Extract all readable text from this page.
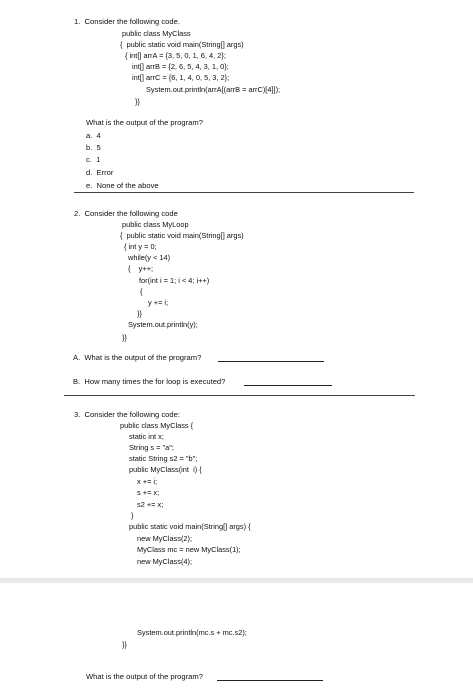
1.  Consider the following code.
public class MyClass
{  public static void main(String[] args)
{ int[] arrA = {3, 5, 0, 1, 6, 4, 2};
int[] arrB = {2, 6, 5, 4, 3, 1, 0};
int[] arrC = {6, 1, 4, 0, 5, 3, 2};
System.out.println(arrA[(arrB = arrC)[4]]);
}}
What is the output of the program?
a.  4
b.  5
c.  1
d.  Error
e.  None of the above
2.  Consider the following code
public class MyLoop
{  public static void main(String[] args)
{ int y = 0;
while(y < 14)
{    y++;
for(int i = 1; i < 4; i++)
{
y += i;
}}
System.out.println(y);
}}
A.  What is the output of the program?
B.  How many times the for loop is executed?
3.  Consider the following code:
public class MyClass {
static int x;
String s = "a";
static String s2 = "b";
public MyClass(int  i) {
x += i;
s += x;
s2 += x;
}
public static void main(String[] args) {
new MyClass(2);
MyClass mc = new MyClass(1);
new MyClass(4);
System.out.println(mc.s + mc.s2);
}}
What is the output of the program?
